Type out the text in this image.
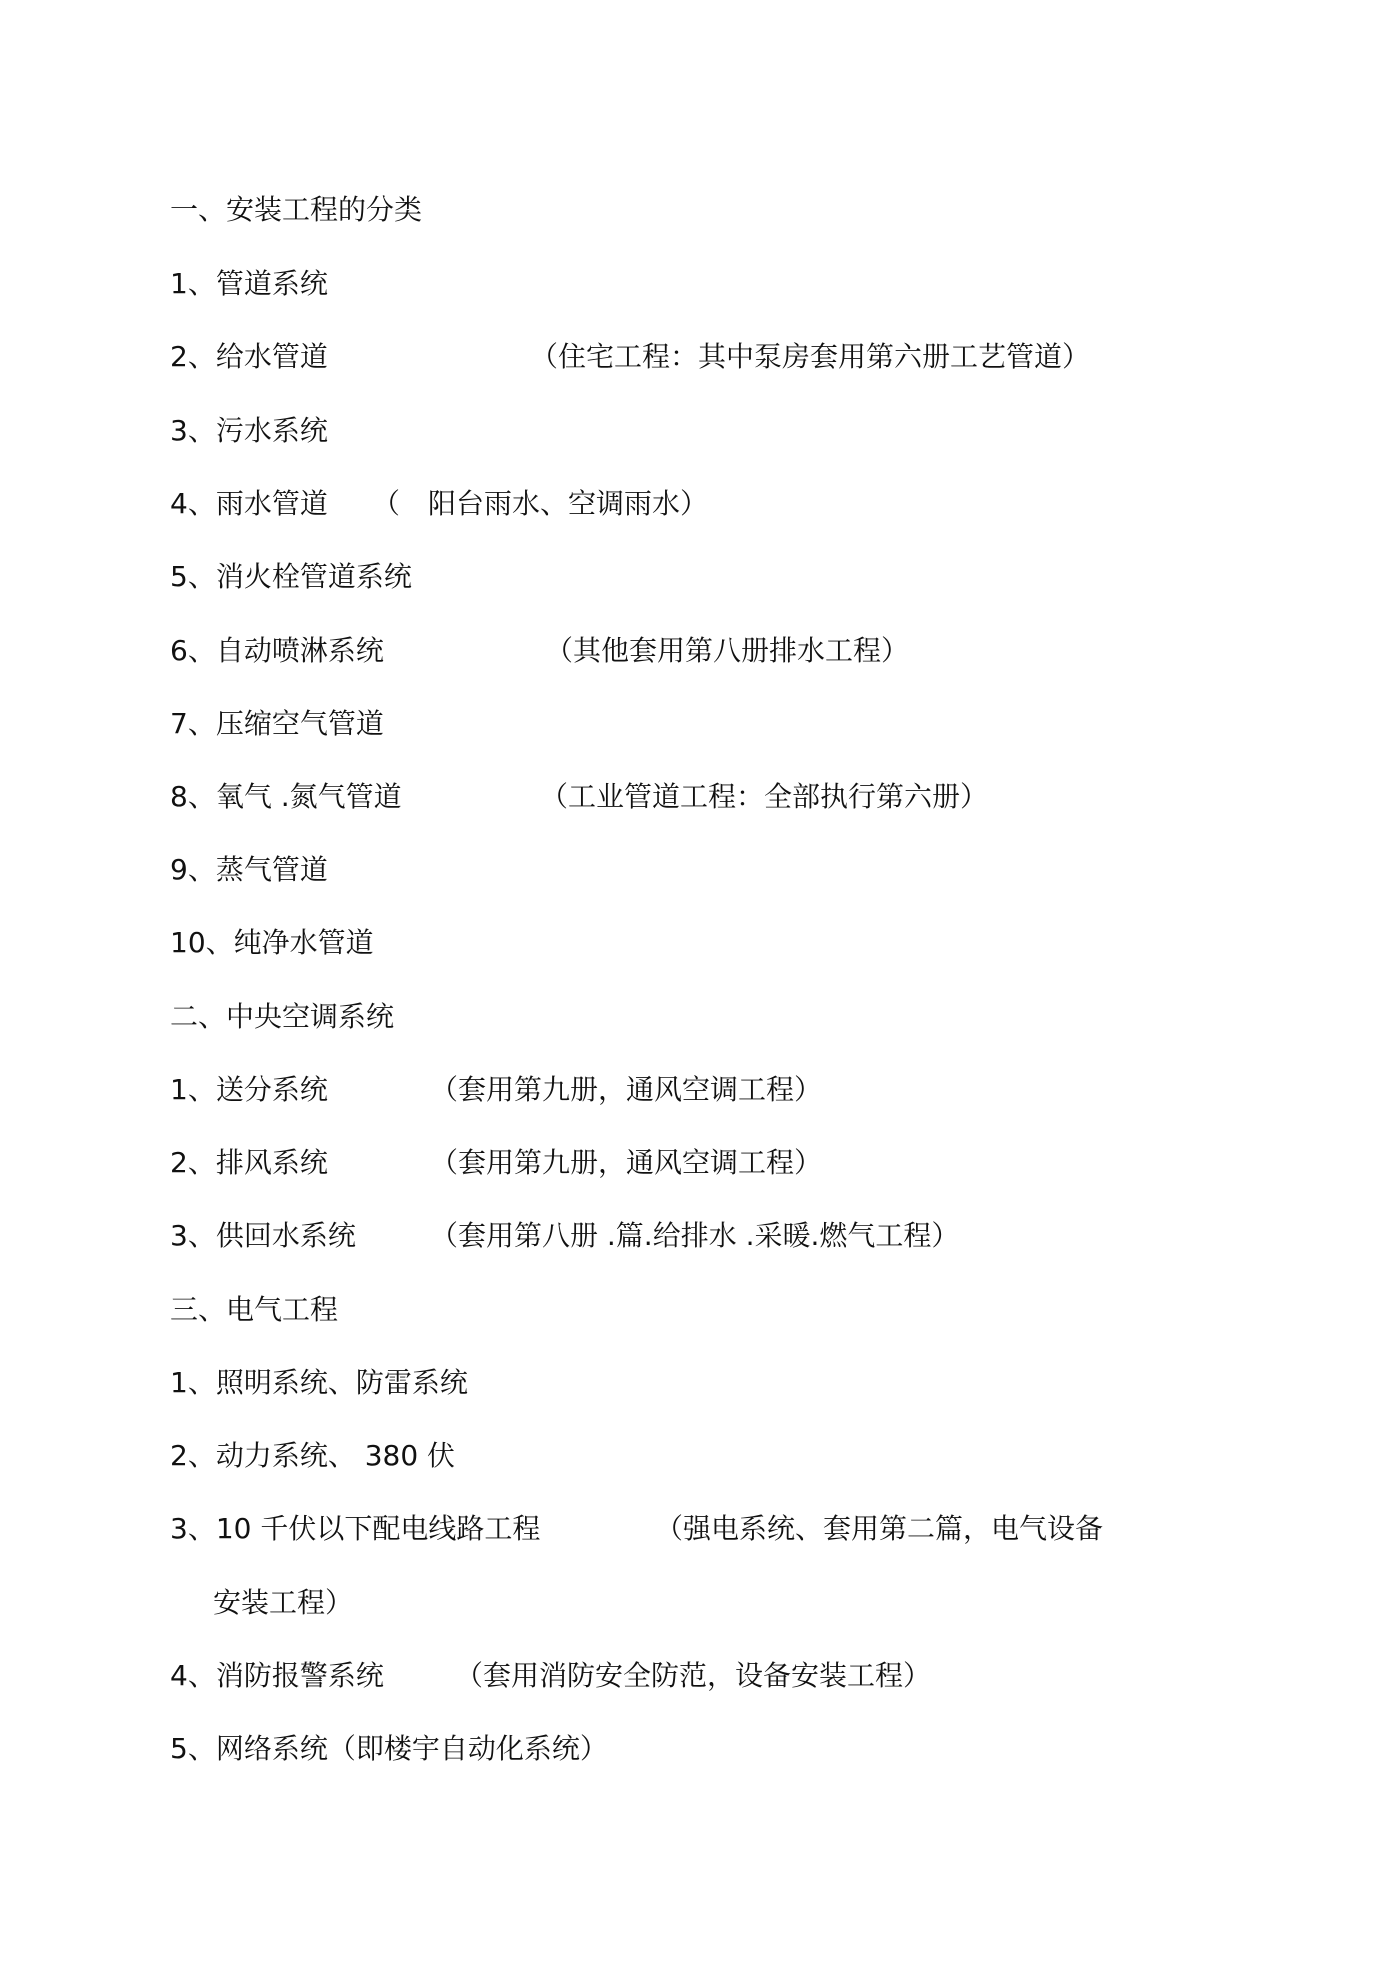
一、安装工程的分类
1、管道系统
2、给水管道	（住宅工程：其中泵房套用第六册工艺管道）
3、污水系统
4、雨水管道 （　阳台雨水、空调雨水）
5、消火栓管道系统
6、自动喷淋系统	（其他套用第八册排水工程）
7、压缩空气管道
8、氧气 .氮气管道	（工业管道工程：全部执行第六册）
9、蒸气管道
10、纯净水管道
二、中央空调系统
1、送分系统	（套用第九册，通风空调工程）
2、排风系统	（套用第九册，通风空调工程）
3、供回水系统	（套用第八册 .篇.给排水 .采暖.燃气工程）
三、电气工程
1、照明系统、防雷系统
2、动力系统、 380 伏
3、10 千伏以下配电线路工程	（强电系统、套用第二篇，电气设备
安装工程）
4、消防报警系统	（套用消防安全防范，设备安装工程）
5、网络系统（即楼宇自动化系统）
